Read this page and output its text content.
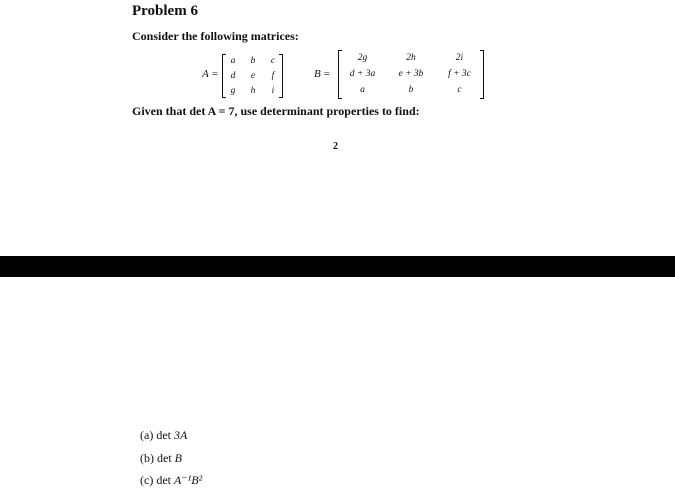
Problem 6
Consider the following matrices:
A =
a	b	c
d	e	f
g	h	i
B =
2g	2h	2i
d + 3a	e + 3b	f + 3c
a	b	c
Given that det A = 7, use determinant properties to find:
2
(a) det 3A
(b) det B
(c) det A⁻¹B²
